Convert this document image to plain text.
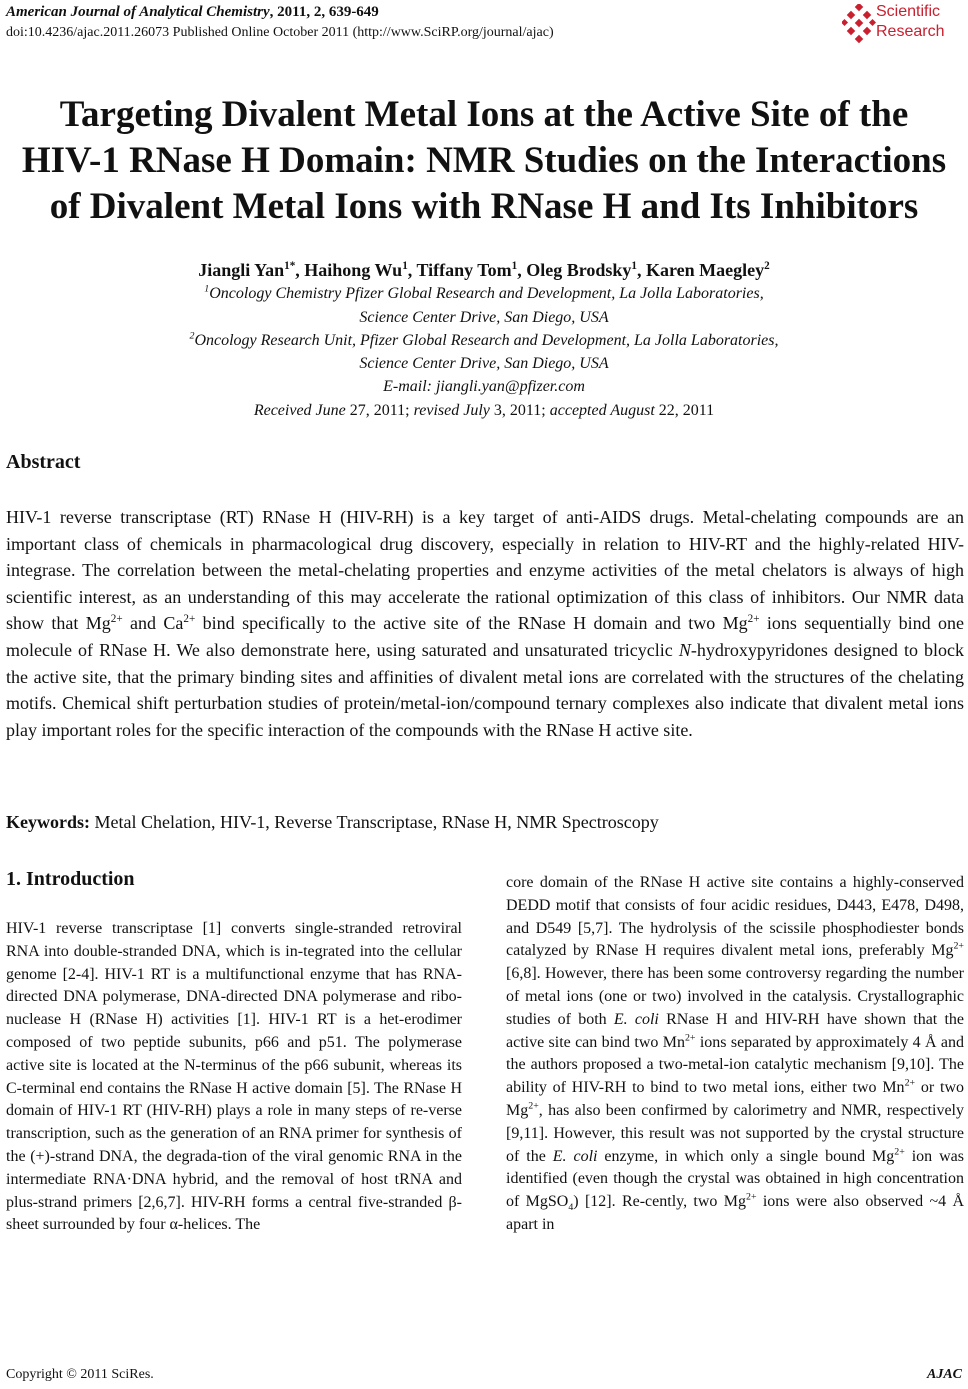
American Journal of Analytical Chemistry, 2011, 2, 639-649
doi:10.4236/ajac.2011.26073 Published Online October 2011 (http://www.SciRP.org/journal/ajac)
Scientific
Research
Targeting Divalent Metal Ions at the Active Site of the
HIV-1 RNase H Domain: NMR Studies on the Interactions
of Divalent Metal Ions with RNase H and Its Inhibitors
Jiangli Yan$^{1*}$, Haihong Wu$^1$, Tiffany Tom$^1$, Oleg Brodsky$^1$, Karen Maegley$^2$
$^1$Oncology Chemistry Pfizer Global Research and Development, La Jolla Laboratories,
Science Center Drive, San Diego, USA
$^2$Oncology Research Unit, Pfizer Global Research and Development, La Jolla Laboratories,
Science Center Drive, San Diego, USA
E-mail: jiangli.yan@pfizer.com
Received June 27, 2011; revised July 3, 2011; accepted August 22, 2011
Abstract
HIV-1 reverse transcriptase (RT) RNase H (HIV-RH) is a key target of anti-AIDS drugs. Metal-chelating compounds are an important class of chemicals in pharmacological drug discovery, especially in relation to HIV-RT and the highly-related HIV-integrase. The correlation between the metal-chelating properties and enzyme activities of the metal chelators is always of high scientific interest, as an understanding of this may accelerate the rational optimization of this class of inhibitors. Our NMR data show that $Mg^{2+}$ and $Ca^{2+}$ bind specifically to the active site of the RNase H domain and two $Mg^{2+}$ ions sequentially bind one molecule of RNase H. We also demonstrate here, using saturated and unsaturated tricyclic N-hydroxypyridones designed to block the active site, that the primary binding sites and affinities of divalent metal ions are correlated with the structures of the chelating motifs. Chemical shift perturbation studies of protein/metal-ion/compound ternary complexes also indicate that divalent metal ions play important roles for the specific interaction of the compounds with the RNase H active site.
Keywords: Metal Chelation, HIV-1, Reverse Transcriptase, RNase H, NMR Spectroscopy
1. Introduction
HIV-1 reverse transcriptase [1] converts single-stranded retroviral RNA into double-stranded DNA, which is in-tegrated into the cellular genome [2-4]. HIV-1 RT is a multifunctional enzyme that has RNA-directed DNA polymerase, DNA-directed DNA polymerase and ribo-nuclease H (RNase H) activities [1]. HIV-1 RT is a het-erodimer composed of two peptide subunits, p66 and p51. The polymerase active site is located at the N-terminus of the p66 subunit, whereas its C-terminal end contains the RNase H active domain [5]. The RNase H domain of HIV-1 RT (HIV-RH) plays a role in many steps of re-verse transcription, such as the generation of an RNA primer for synthesis of the (+)-strand DNA, the degrada-tion of the viral genomic RNA in the intermediate RNA·DNA hybrid, and the removal of host tRNA and plus-strand primers [2,6,7]. HIV-RH forms a central five-stranded β-sheet surrounded by four α-helices. The
core domain of the RNase H active site contains a highly-conserved DEDD motif that consists of four acidic residues, D443, E478, D498, and D549 [5,7]. The hydrolysis of the scissile phosphodiester bonds catalyzed by RNase H requires divalent metal ions, preferably $Mg^{2+}$ [6,8]. However, there has been some controversy regarding the number of metal ions (one or two) involved in the catalysis. Crystallographic studies of both E. coli RNase H and HIV-RH have shown that the active site can bind two $Mn^{2+}$ ions separated by approximately 4 Å and the authors proposed a two-metal-ion catalytic mechanism [9,10]. The ability of HIV-RH to bind to two metal ions, either two $Mn^{2+}$ or two $Mg^{2+}$, has also been confirmed by calorimetry and NMR, respectively [9,11]. However, this result was not supported by the crystal structure of the E. coli enzyme, in which only a single bound $Mg^{2+}$ ion was identified (even though the crystal was obtained in high concentration of MgSO$_4$) [12]. Re-cently, two $Mg^{2+}$ ions were also observed ~4 Å apart in
Copyright © 2011 SciRes.	AJAC
